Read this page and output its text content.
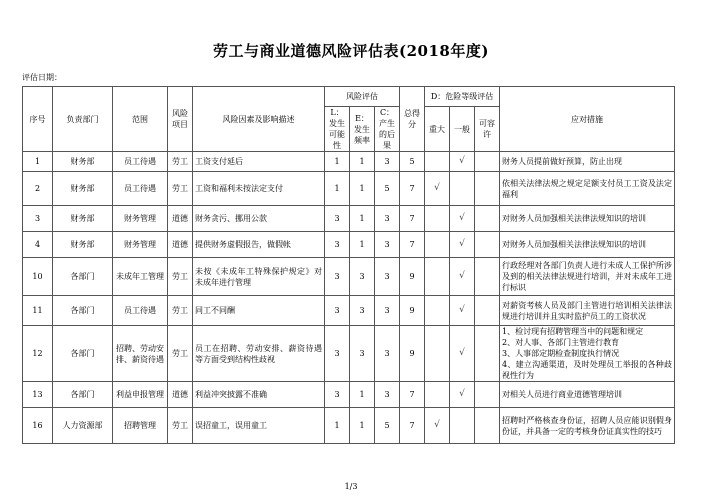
劳工与商业道德风险评估表(2018年度)
评估日期：
序号	负责部门	范围	风险项目	风险因素及影响描述	风险评估			总得分	D：危险等级评估			应对措施
					L：发生可能性	E：发生频率	C：产生的后果		重大	一般	可容许	
1	财务部	员工待遇	劳工	工资支付延后	1	1	3	5		√		财务人员提前做好预算，防止出现
2	财务部	员工待遇	劳工	工资和福利未按法定支付	1	1	5	7	√			依相关法律法规之规定足额支付员工工资及法定福利
3	财务部	财务管理	道德	财务贪污、挪用公款	3	1	3	7		√		对财务人员加强相关法律法规知识的培训
4	财务部	财务管理	道德	提供财务虚假报告，做假帐	3	1	3	7		√		对财务人员加强相关法律法规知识的培训
10	各部门	未成年工管理	劳工	未按《未成年工特殊保护规定》对未成年进行管理	3	3	3	9		√		行政经理对各部门负责人进行未成人工保护所涉及到的相关法律法规进行培训，并对未成年工进行标识
11	各部门	员工待遇	劳工	同工不同酬	3	3	3	9		√		对薪资考核人员及部门主管进行培训相关法律法规进行培训并且实时监护员工的工资状况
12	各部门	招聘、劳动安排、薪资待遇	劳工	员工在招聘、劳动安排、薪资待遇等方面受到结构性歧视	3	3	3	9		√		1、检讨现有招聘管理当中的问题和规定
2、对人事、各部门主管进行教育
3、人事部定期检查制度执行情况
4、建立沟通渠道，及时处理员工举报的各种歧视性行为
13	各部门	利益申报管理	道德	利益冲突披露不准确	3	1	3	7		√		对相关人员进行商业道德管理培训
16	人力资源部	招聘管理	劳工	误招童工，误用童工	1	1	5	7	√			招聘时严格核查身份证，招聘人员应能识别假身份证，并具备一定的考核身份证真实性的技巧
1/3
